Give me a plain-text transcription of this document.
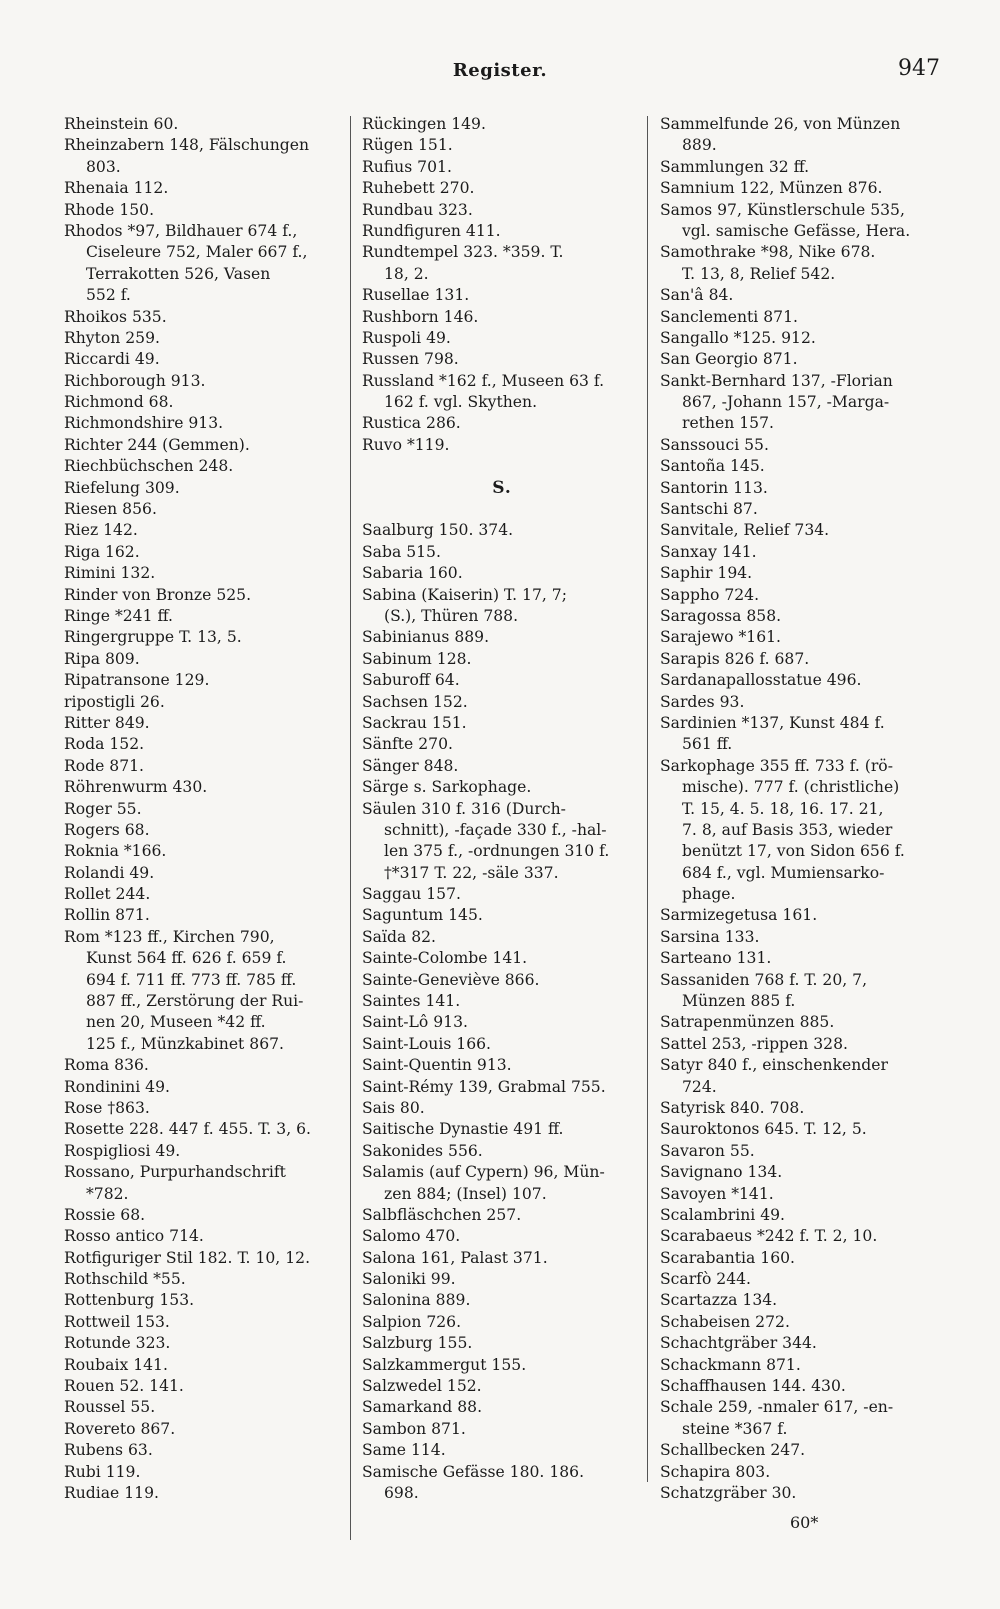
Register.	947
Rheinstein 60.
Rheinzabern 148, Fälschungen
803.
Rhenaia 112.
Rhode 150.
Rhodos *97, Bildhauer 674 f.,
Ciseleure 752, Maler 667 f.,
Terrakotten 526, Vasen
552 f.
Rhoikos 535.
Rhyton 259.
Riccardi 49.
Richborough 913.
Richmond 68.
Richmondshire 913.
Richter 244 (Gemmen).
Riechbüchschen 248.
Riefelung 309.
Riesen 856.
Riez 142.
Riga 162.
Rimini 132.
Rinder von Bronze 525.
Ringe *241 ff.
Ringergruppe T. 13, 5.
Ripa 809.
Ripatransone 129.
ripostigli 26.
Ritter 849.
Roda 152.
Rode 871.
Röhrenwurm 430.
Roger 55.
Rogers 68.
Roknia *166.
Rolandi 49.
Rollet 244.
Rollin 871.
Rom *123 ff., Kirchen 790,
Kunst 564 ff. 626 f. 659 f.
694 f. 711 ff. 773 ff. 785 ff.
887 ff., Zerstörung der Rui-
nen 20, Museen *42 ff.
125 f., Münzkabinet 867.
Roma 836.
Rondinini 49.
Rose †863.
Rosette 228. 447 f. 455. T. 3, 6.
Rospigliosi 49.
Rossano, Purpurhandschrift
*782.
Rossie 68.
Rosso antico 714.
Rotfiguriger Stil 182. T. 10, 12.
Rothschild *55.
Rottenburg 153.
Rottweil 153.
Rotunde 323.
Roubaix 141.
Rouen 52. 141.
Roussel 55.
Rovereto 867.
Rubens 63.
Rubi 119.
Rudiae 119.
Rückingen 149.
Rügen 151.
Rufius 701.
Ruhebett 270.
Rundbau 323.
Rundfiguren 411.
Rundtempel 323. *359. T.
18, 2.
Rusellae 131.
Rushborn 146.
Ruspoli 49.
Russen 798.
Russland *162 f., Museen 63 f.
162 f. vgl. Skythen.
Rustica 286.
Ruvo *119.
S.
Saalburg 150. 374.
Saba 515.
Sabaria 160.
Sabina (Kaiserin) T. 17, 7;
(S.), Thüren 788.
Sabinianus 889.
Sabinum 128.
Saburoff 64.
Sachsen 152.
Sackrau 151.
Sänfte 270.
Sänger 848.
Särge s. Sarkophage.
Säulen 310 f. 316 (Durch-
schnitt), -façade 330 f., -hal-
len 375 f., -ordnungen 310 f.
†*317 T. 22, -säle 337.
Saggau 157.
Saguntum 145.
Saïda 82.
Sainte-Colombe 141.
Sainte-Geneviève 866.
Saintes 141.
Saint-Lô 913.
Saint-Louis 166.
Saint-Quentin 913.
Saint-Rémy 139, Grabmal 755.
Sais 80.
Saitische Dynastie 491 ff.
Sakonides 556.
Salamis (auf Cypern) 96, Mün-
zen 884; (Insel) 107.
Salbfläschchen 257.
Salomo 470.
Salona 161, Palast 371.
Saloniki 99.
Salonina 889.
Salpion 726.
Salzburg 155.
Salzkammergut 155.
Salzwedel 152.
Samarkand 88.
Sambon 871.
Same 114.
Samische Gefässe 180. 186.
698.
Sammelfunde 26, von Münzen
889.
Sammlungen 32 ff.
Samnium 122, Münzen 876.
Samos 97, Künstlerschule 535,
vgl. samische Gefässe, Hera.
Samothrake *98, Nike 678.
T. 13, 8, Relief 542.
San'â 84.
Sanclementi 871.
Sangallo *125. 912.
San Georgio 871.
Sankt-Bernhard 137, -Florian
867, -Johann 157, -Marga-
rethen 157.
Sanssouci 55.
Santoña 145.
Santorin 113.
Santschi 87.
Sanvitale, Relief 734.
Sanxay 141.
Saphir 194.
Sappho 724.
Saragossa 858.
Sarajewo *161.
Sarapis 826 f. 687.
Sardanapallosstatue 496.
Sardes 93.
Sardinien *137, Kunst 484 f.
561 ff.
Sarkophage 355 ff. 733 f. (rö-
mische). 777 f. (christliche)
T. 15, 4. 5. 18, 16. 17. 21,
7. 8, auf Basis 353, wieder
benützt 17, von Sidon 656 f.
684 f., vgl. Mumiensarko-
phage.
Sarmizegetusa 161.
Sarsina 133.
Sarteano 131.
Sassaniden 768 f. T. 20, 7,
Münzen 885 f.
Satrapenmünzen 885.
Sattel 253, -rippen 328.
Satyr 840 f., einschenkender
724.
Satyrisk 840. 708.
Sauroktonos 645. T. 12, 5.
Savaron 55.
Savignano 134.
Savoyen *141.
Scalambrini 49.
Scarabaeus *242 f. T. 2, 10.
Scarabantia 160.
Scarfò 244.
Scartazza 134.
Schabeisen 272.
Schachtgräber 344.
Schackmann 871.
Schaffhausen 144. 430.
Schale 259, -nmaler 617, -en-
steine *367 f.
Schallbecken 247.
Schapira 803.
Schatzgräber 30.
60*
